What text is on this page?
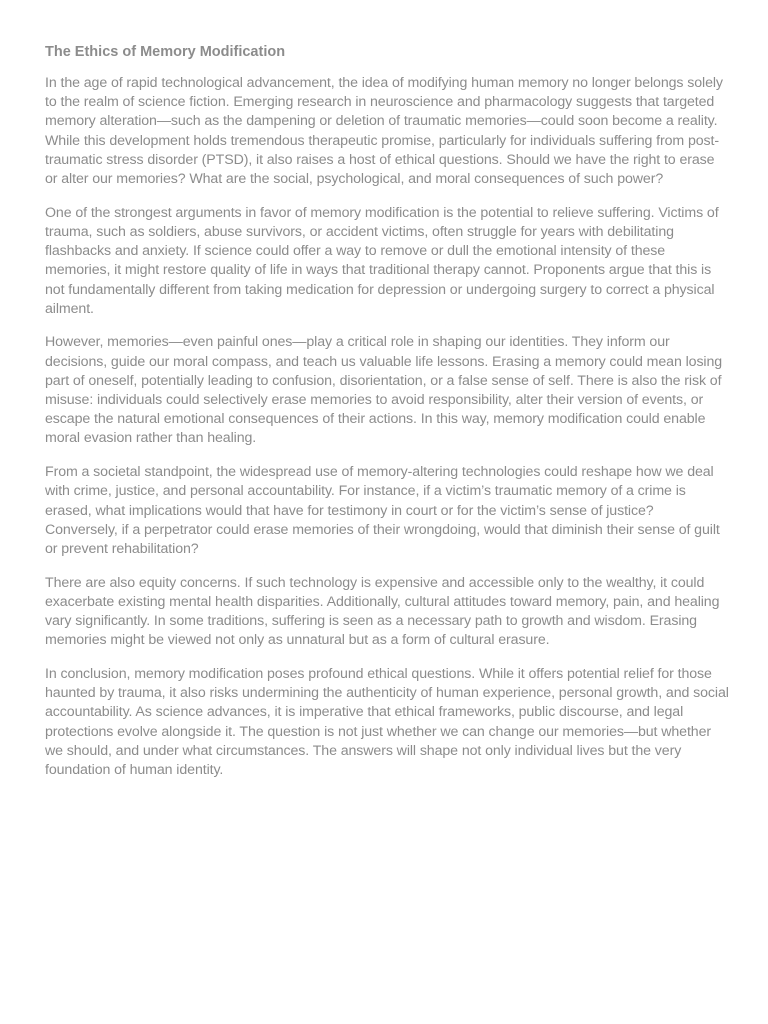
The Ethics of Memory Modification

In the age of rapid technological advancement, the idea of modifying human memory no longer belongs solely to the realm of science fiction. Emerging research in neuroscience and pharmacology suggests that targeted memory alteration—such as the dampening or deletion of traumatic memories—could soon become a reality. While this development holds tremendous therapeutic promise, particularly for individuals suffering from post-traumatic stress disorder (PTSD), it also raises a host of ethical questions. Should we have the right to erase or alter our memories? What are the social, psychological, and moral consequences of such power?

One of the strongest arguments in favor of memory modification is the potential to relieve suffering. Victims of trauma, such as soldiers, abuse survivors, or accident victims, often struggle for years with debilitating flashbacks and anxiety. If science could offer a way to remove or dull the emotional intensity of these memories, it might restore quality of life in ways that traditional therapy cannot. Proponents argue that this is not fundamentally different from taking medication for depression or undergoing surgery to correct a physical ailment.

However, memories—even painful ones—play a critical role in shaping our identities. They inform our decisions, guide our moral compass, and teach us valuable life lessons. Erasing a memory could mean losing part of oneself, potentially leading to confusion, disorientation, or a false sense of self. There is also the risk of misuse: individuals could selectively erase memories to avoid responsibility, alter their version of events, or escape the natural emotional consequences of their actions. In this way, memory modification could enable moral evasion rather than healing.

From a societal standpoint, the widespread use of memory-altering technologies could reshape how we deal with crime, justice, and personal accountability. For instance, if a victim’s traumatic memory of a crime is erased, what implications would that have for testimony in court or for the victim’s sense of justice? Conversely, if a perpetrator could erase memories of their wrongdoing, would that diminish their sense of guilt or prevent rehabilitation?

There are also equity concerns. If such technology is expensive and accessible only to the wealthy, it could exacerbate existing mental health disparities. Additionally, cultural attitudes toward memory, pain, and healing vary significantly. In some traditions, suffering is seen as a necessary path to growth and wisdom. Erasing memories might be viewed not only as unnatural but as a form of cultural erasure.

In conclusion, memory modification poses profound ethical questions. While it offers potential relief for those haunted by trauma, it also risks undermining the authenticity of human experience, personal growth, and social accountability. As science advances, it is imperative that ethical frameworks, public discourse, and legal protections evolve alongside it. The question is not just whether we can change our memories—but whether we should, and under what circumstances. The answers will shape not only individual lives but the very foundation of human identity.
